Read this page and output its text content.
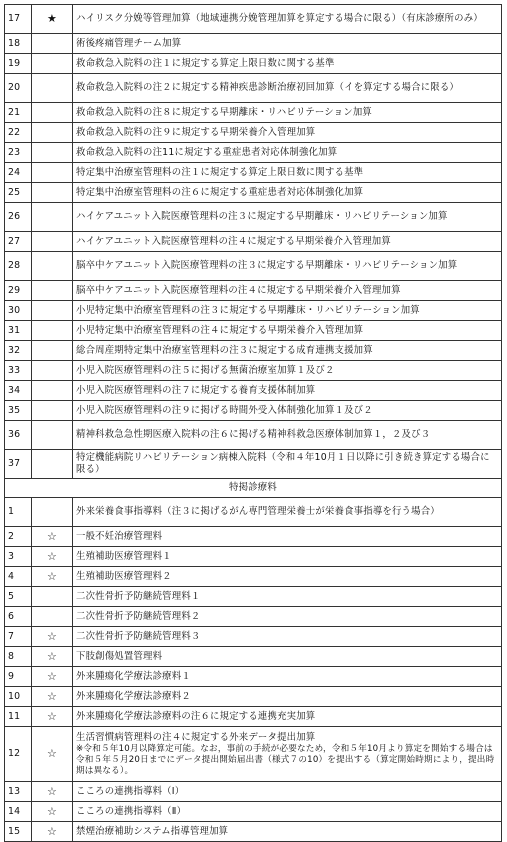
17	★	ハイリスク分娩等管理加算（地域連携分娩管理加算を算定する場合に限る）（有床診療所のみ）
18		術後疼痛管理チーム加算
19		救命救急入院料の注１に規定する算定上限日数に関する基準
20		救命救急入院料の注２に規定する精神疾患診断治療初回加算（イを算定する場合に限る）
21		救命救急入院料の注８に規定する早期離床・リハビリテーション加算
22		救命救急入院料の注９に規定する早期栄養介入管理加算
23		救命救急入院料の注11に規定する重症患者対応体制強化加算
24		特定集中治療室管理料の注１に規定する算定上限日数に関する基準
25		特定集中治療室管理料の注６に規定する重症患者対応体制強化加算
26		ハイケアユニット入院医療管理料の注３に規定する早期離床・リハビリテーション加算
27		ハイケアユニット入院医療管理料の注４に規定する早期栄養介入管理加算
28		脳卒中ケアユニット入院医療管理料の注３に規定する早期離床・リハビリテーション加算
29		脳卒中ケアユニット入院医療管理料の注４に規定する早期栄養介入管理加算
30		小児特定集中治療室管理料の注３に規定する早期離床・リハビリテーション加算
31		小児特定集中治療室管理料の注４に規定する早期栄養介入管理加算
32		総合周産期特定集中治療室管理料の注３に規定する成育連携支援加算
33		小児入院医療管理料の注５に掲げる無菌治療室加算１及び２
34		小児入院医療管理料の注７に規定する養育支援体制加算
35		小児入院医療管理料の注９に掲げる時間外受入体制強化加算１及び２
36		精神科救急急性期医療入院料の注６に掲げる精神科救急医療体制加算１，２及び３
37		特定機能病院リハビリテーション病棟入院料（令和４年10月１日以降に引き続き算定する場合に限る）
特掲診療料		
1		外来栄養食事指導料（注３に掲げるがん専門管理栄養士が栄養食事指導を行う場合）
2	☆	一般不妊治療管理料
3	☆	生殖補助医療管理料１
4	☆	生殖補助医療管理料２
5		二次性骨折予防継続管理料１
6		二次性骨折予防継続管理料２
7	☆	二次性骨折予防継続管理料３
8	☆	下肢創傷処置管理料
9	☆	外来腫瘍化学療法診療料１
10	☆	外来腫瘍化学療法診療料２
11	☆	外来腫瘍化学療法診療料の注６に規定する連携充実加算
12	☆	生活習慣病管理料の注４に規定する外来データ提出加算
※令和５年10月以降算定可能。なお，事前の手続が必要なため，令和５年10月より算定を開始する場合は令和５年５月20日までにデータ提出開始届出書（様式７の10）を提出する（算定開始時期により，提出時期は異なる）。

13	☆	こころの連携指導料（Ⅰ）
14	☆	こころの連携指導料（Ⅱ）
15	☆	禁煙治療補助システム指導管理加算
